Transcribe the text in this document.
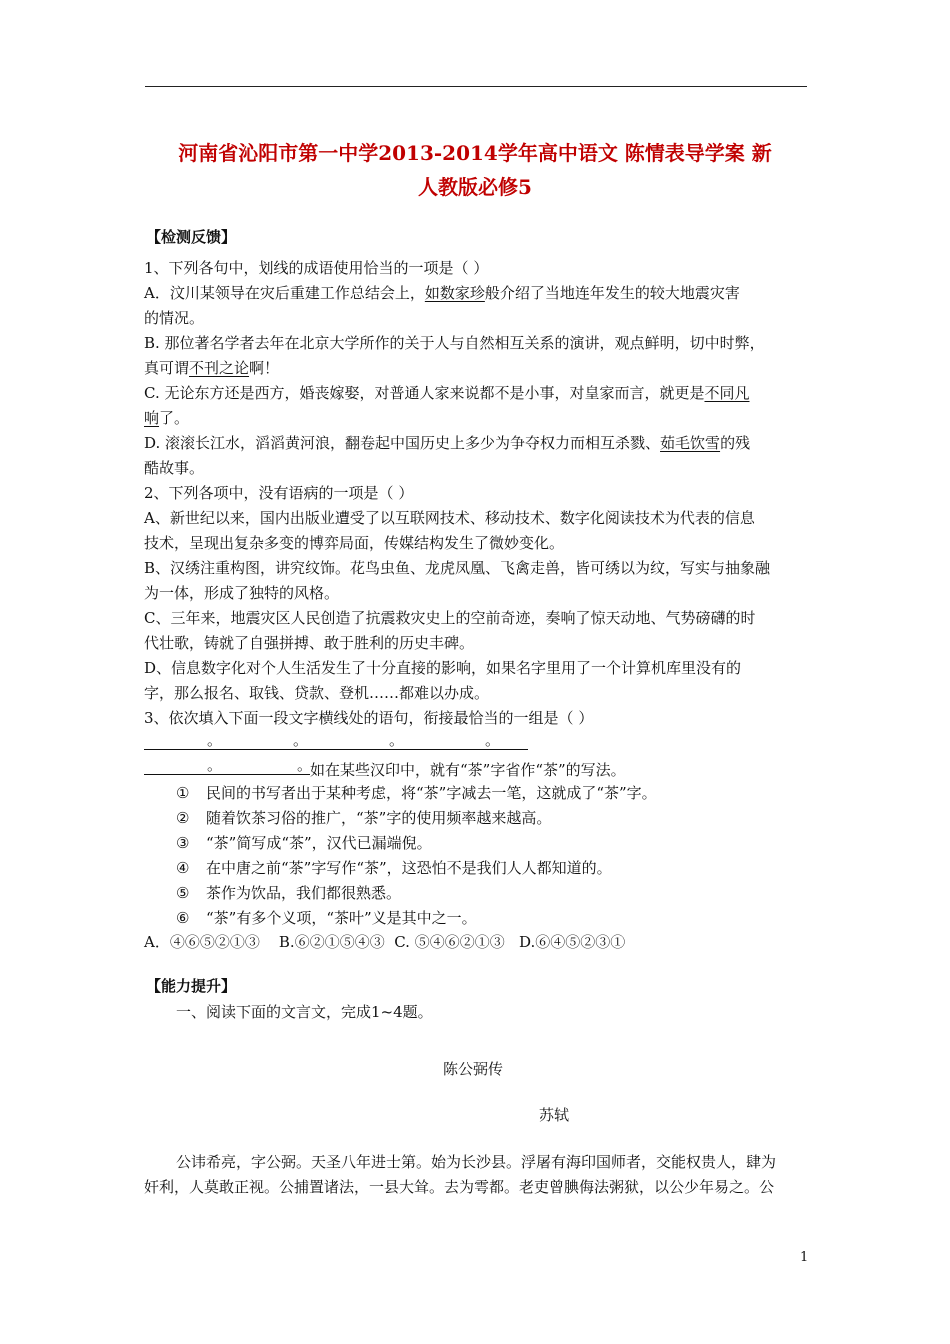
河南省沁阳市第一中学2013-2014学年高中语文 陈情表导学案 新
人教版必修5
【检测反馈】
1、下列各句中，划线的成语使用恰当的一项是（ ）
A．汶川某领导在灾后重建工作总结会上，如数家珍般介绍了当地连年发生的较大地震灾害
的情况。
B. 那位著名学者去年在北京大学所作的关于人与自然相互关系的演讲，观点鲜明，切中时弊，
真可谓不刊之论啊！
C. 无论东方还是西方，婚丧嫁娶，对普通人家来说都不是小事，对皇家而言，就更是不同凡
响了。
D. 滚滚长江水，滔滔黄河浪，翻卷起中国历史上多少为争夺权力而相互杀戮、茹毛饮雪的残
酷故事。
2、下列各项中，没有语病的一项是（ ）
A、新世纪以来，国内出版业遭受了以互联网技术、移动技术、数字化阅读技术为代表的信息
技术，呈现出复杂多变的博弈局面，传媒结构发生了微妙变化。
B、汉绣注重构图，讲究纹饰。花鸟虫鱼、龙虎凤凰、飞禽走兽，皆可绣以为纹，写实与抽象融
为一体，形成了独特的风格。
C、三年来，地震灾区人民创造了抗震救灾史上的空前奇迹，奏响了惊天动地、气势磅礴的时
代壮歌，铸就了自强拼搏、敢于胜利的历史丰碑。
D、信息数字化对个人生活发生了十分直接的影响，如果名字里用了一个计算机库里没有的
字，那么报名、取钱、贷款、登机……都难以办成。
3、依次填入下面一段文字横线处的语句，衔接最恰当的一组是（ ）
。	。	。	。
。	。
如在某些汉印中，就有“茶”字省作“茶”的写法。
① 民间的书写者出于某种考虑，将“茶”字减去一笔，这就成了“茶”字。
② 随着饮茶习俗的推广，“茶”字的使用频率越来越高。
③ “茶”简写成“茶”，汉代已漏端倪。
④ 在中唐之前“茶”字写作“茶”，这恐怕不是我们人人都知道的。
⑤ 茶作为饮品，我们都很熟悉。
⑥ “茶”有多个义项，“茶叶”义是其中之一。
A．④⑥⑤②①③    B.⑥②①⑤④③  C. ⑤④⑥②①③   D.⑥④⑤②③①
【能力提升】
一、阅读下面的文言文，完成1~4题。
陈公弼传
苏轼
公讳希亮，字公弼。天圣八年进士第。始为长沙县。浮屠有海印国师者，交能权贵人，肆为
奸利，人莫敢正视。公捕置诸法，一县大耸。去为雩都。老吏曾腆侮法粥狱，以公少年易之。公
1
